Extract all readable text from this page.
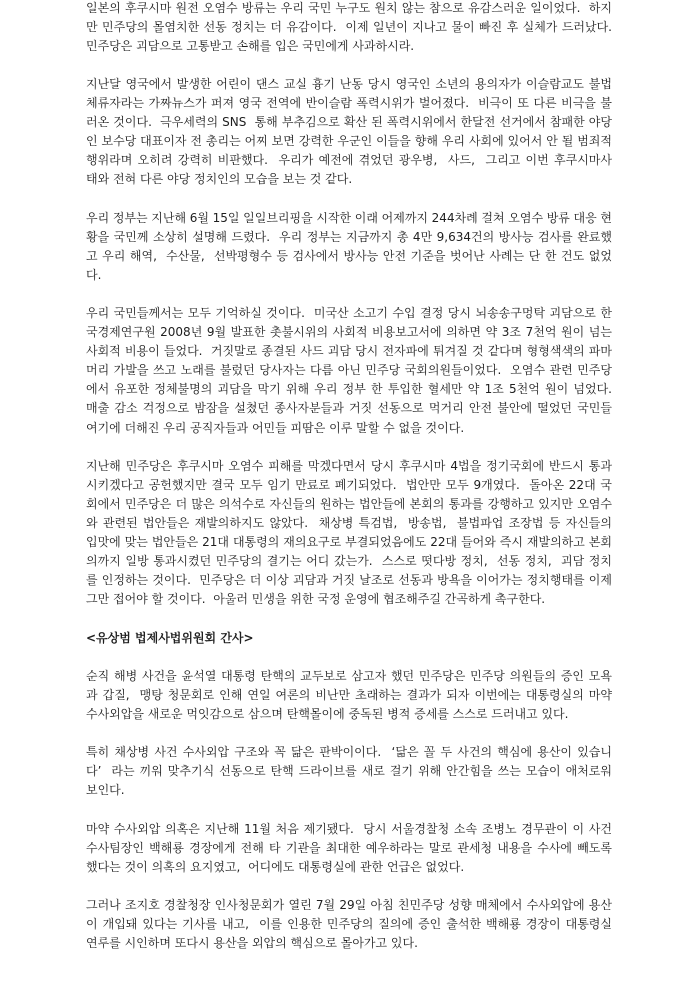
일본의 후쿠시마 원전 오염수 방류는 우리 국민 누구도 원치 않는 참으로 유감스러운 일이었다.  하지
만 민주당의 몰염치한 선동 정치는 더 유감이다.  이제 일년이 지나고 물이 빠진 후 실체가 드러났다.
민주당은 괴담으로 고통받고 손해를 입은 국민에게 사과하시라.
지난달 영국에서 발생한 어린이 댄스 교실 흉기 난동 당시 영국인 소년의 용의자가 이슬람교도 불법
체류자라는 가짜뉴스가 퍼져 영국 전역에 반이슬람 폭력시위가 벌어졌다.  비극이 또 다른 비극을 불
러온 것이다.  극우세력의 SNS  통해 부추김으로 확산 된 폭력시위에서 한달전 선거에서 참패한 야당
인 보수당 대표이자 전 총리는 어찌 보면 강력한 우군인 이들을 향해 우리 사회에 있어서 안 될 범죄적
행위라며 오히려 강력히 비판했다.  우리가 예전에 겪었던 광우병,  사드,  그리고 이번 후쿠시마사
태와 전혀 다른 야당 정치인의 모습을 보는 것 같다.
우리 정부는 지난해 6월 15일 일일브리핑을 시작한 이래 어제까지 244차례 걸쳐 오염수 방류 대응 현
황을 국민께 소상히 설명해 드렸다.  우리 정부는 지금까지 총 4만 9,634건의 방사능 검사를 완료했
고 우리 해역,  수산물,  선박평형수 등 검사에서 방사능 안전 기준을 벗어난 사례는 단 한 건도 없었
다.
우리 국민들께서는 모두 기억하실 것이다.  미국산 소고기 수입 결정 당시 뇌송송구멍탁 괴담으로 한
국경제연구원 2008년 9월 발표한 촛불시위의 사회적 비용보고서에 의하면 약 3조 7천억 원이 넘는
사회적 비용이 들었다.  거짓말로 종결된 사드 괴담 당시 전자파에 튀겨질 것 같다며 형형색색의 파마
머리 가발을 쓰고 노래를 불렀던 당사자는 다름 아닌 민주당 국회의원들이었다.  오염수 관련 민주당
에서 유포한 정체불명의 괴담을 막기 위해 우리 정부 한 투입한 혈세만 약 1조 5천억 원이 넘었다.
매출 감소 걱정으로 밤잠을 설쳤던 종사자분들과 거짓 선동으로 먹거리 안전 불안에 떨었던 국민들
여기에 더해진 우리 공직자들과 어민들 피땀은 이루 말할 수 없을 것이다.
지난해 민주당은 후쿠시마 오염수 피해를 막겠다면서 당시 후쿠시마 4법을 정기국회에 반드시 통과
시키겠다고 공헌했지만 결국 모두 임기 만료로 폐기되었다.  법안만 모두 9개였다.  돌아온 22대 국
회에서 민주당은 더 많은 의석수로 자신들의 원하는 법안들에 본회의 통과를 강행하고 있지만 오염수
와 관련된 법안들은 재발의하지도 않았다.  채상병 특검법,  방송법,  불법파업 조장법 등 자신들의
입맛에 맞는 법안들은 21대 대통령의 재의요구로 부결되었음에도 22대 들어와 즉시 재발의하고 본회
의까지 일방 통과시켰던 민주당의 결기는 어디 갔는가.  스스로 떳다방 정치,  선동 정치,  괴담 정치
를 인정하는 것이다.  민주당은 더 이상 괴담과 거짓 날조로 선동과 방욕을 이어가는 정치행태를 이제
그만 접어야 할 것이다.  아울러 민생을 위한 국정 운영에 협조해주길 간곡하게 촉구한다.
<유상범 법제사법위원회 간사>
순직 해병 사건을 윤석열 대통령 탄핵의 교두보로 삼고자 했던 민주당은 민주당 의원들의 증인 모욕
과 갑질,  맹탕 청문회로 인해 연일 여론의 비난만 초래하는 결과가 되자 이번에는 대통령실의 마약
수사외압을 새로운 먹잇감으로 삼으며 탄핵몰이에 중독된 병적 증세를 스스로 드러내고 있다.
특히 채상병 사건 수사외압 구조와 꼭 닮은 판박이이다.  ‘닮은 꼴 두 사건의 핵심에 용산이 있습니
다’  라는 끼워 맞추기식 선동으로 탄핵 드라이브를 새로 걸기 위해 안간힘을 쓰는 모습이 애처로워
보인다.
마약 수사외압 의혹은 지난해 11월 처음 제기됐다.  당시 서울경찰청 소속 조병노 경무관이 이 사건
수사팀장인 백해룡 경장에게 전해 타 기관을 최대한 예우하라는 말로 관세청 내용을 수사에 빼도록
했다는 것이 의혹의 요지였고,  어디에도 대통령실에 관한 언급은 없었다.
그러나 조지호 경찰청장 인사청문회가 열린 7월 29일 아침 친민주당 성향 매체에서 수사외압에 용산
이 개입돼 있다는 기사를 내고,  이를 인용한 민주당의 질의에 증인 출석한 백해룡 경장이 대통령실
연루를 시인하며 또다시 용산을 외압의 핵심으로 몰아가고 있다.
